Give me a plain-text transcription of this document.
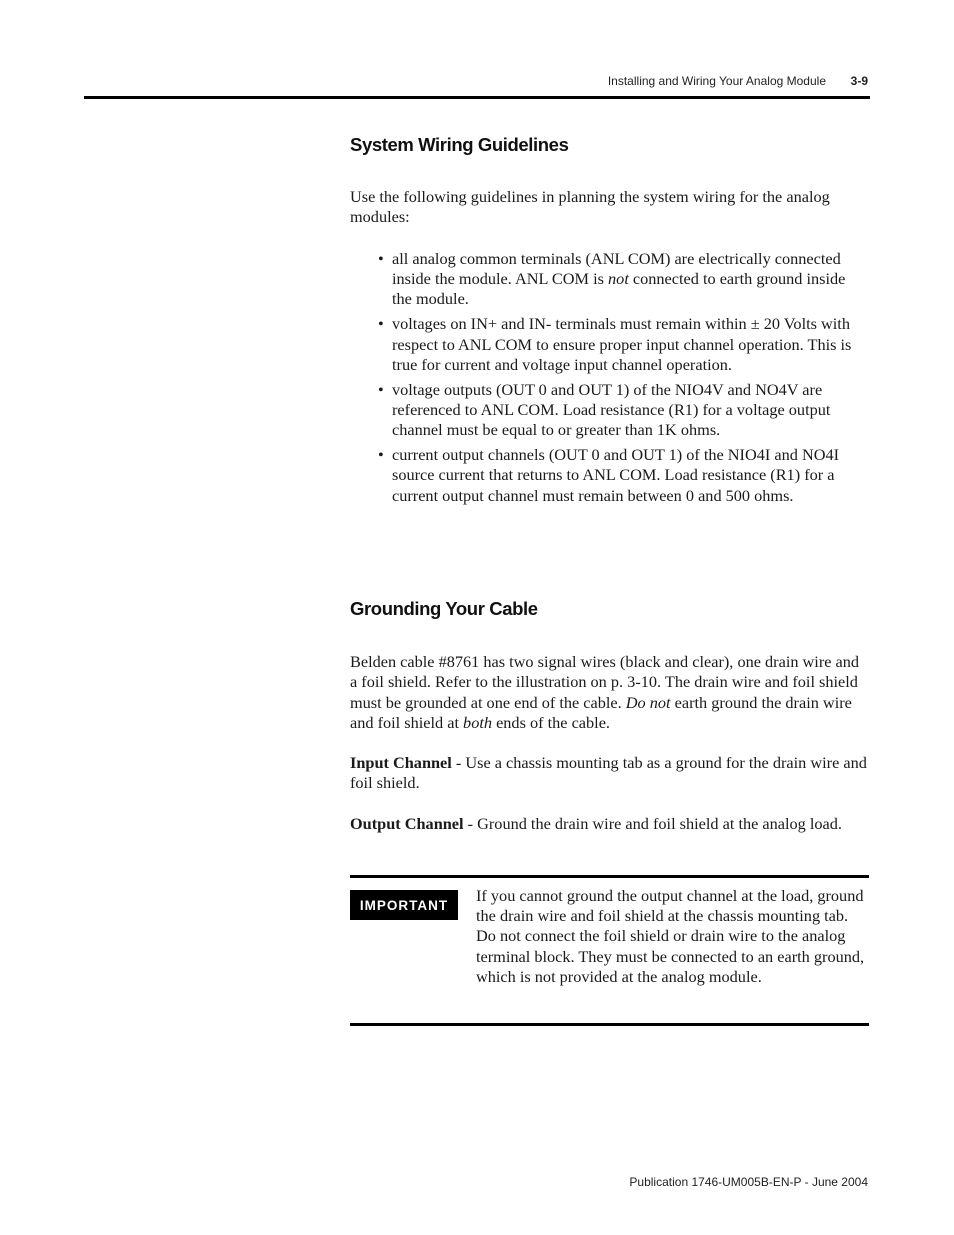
Installing and Wiring Your Analog Module 3-9
System Wiring Guidelines

Use the following guidelines in planning the system wiring for the analog modules:

• all analog common terminals (ANL COM) are electrically connected inside the module. ANL COM is not connected to earth ground inside the module.
• voltages on IN+ and IN- terminals must remain within ± 20 Volts with respect to ANL COM to ensure proper input channel operation. This is true for current and voltage input channel operation.
• voltage outputs (OUT 0 and OUT 1) of the NIO4V and NO4V are referenced to ANL COM. Load resistance (R1) for a voltage output channel must be equal to or greater than 1K ohms.
• current output channels (OUT 0 and OUT 1) of the NIO4I and NO4I source current that returns to ANL COM. Load resistance (R1) for a current output channel must remain between 0 and 500 ohms.
Grounding Your Cable

Belden cable #8761 has two signal wires (black and clear), one drain wire and a foil shield. Refer to the illustration on p. 3-10. The drain wire and foil shield must be grounded at one end of the cable. Do not earth ground the drain wire and foil shield at both ends of the cable.

Input Channel - Use a chassis mounting tab as a ground for the drain wire and foil shield.

Output Channel - Ground the drain wire and foil shield at the analog load.

IMPORTANT	If you cannot ground the output channel at the load, ground the drain wire and foil shield at the chassis mounting tab. Do not connect the foil shield or drain wire to the analog terminal block. They must be connected to an earth ground, which is not provided at the analog module.
Publication 1746-UM005B-EN-P - June 2004
